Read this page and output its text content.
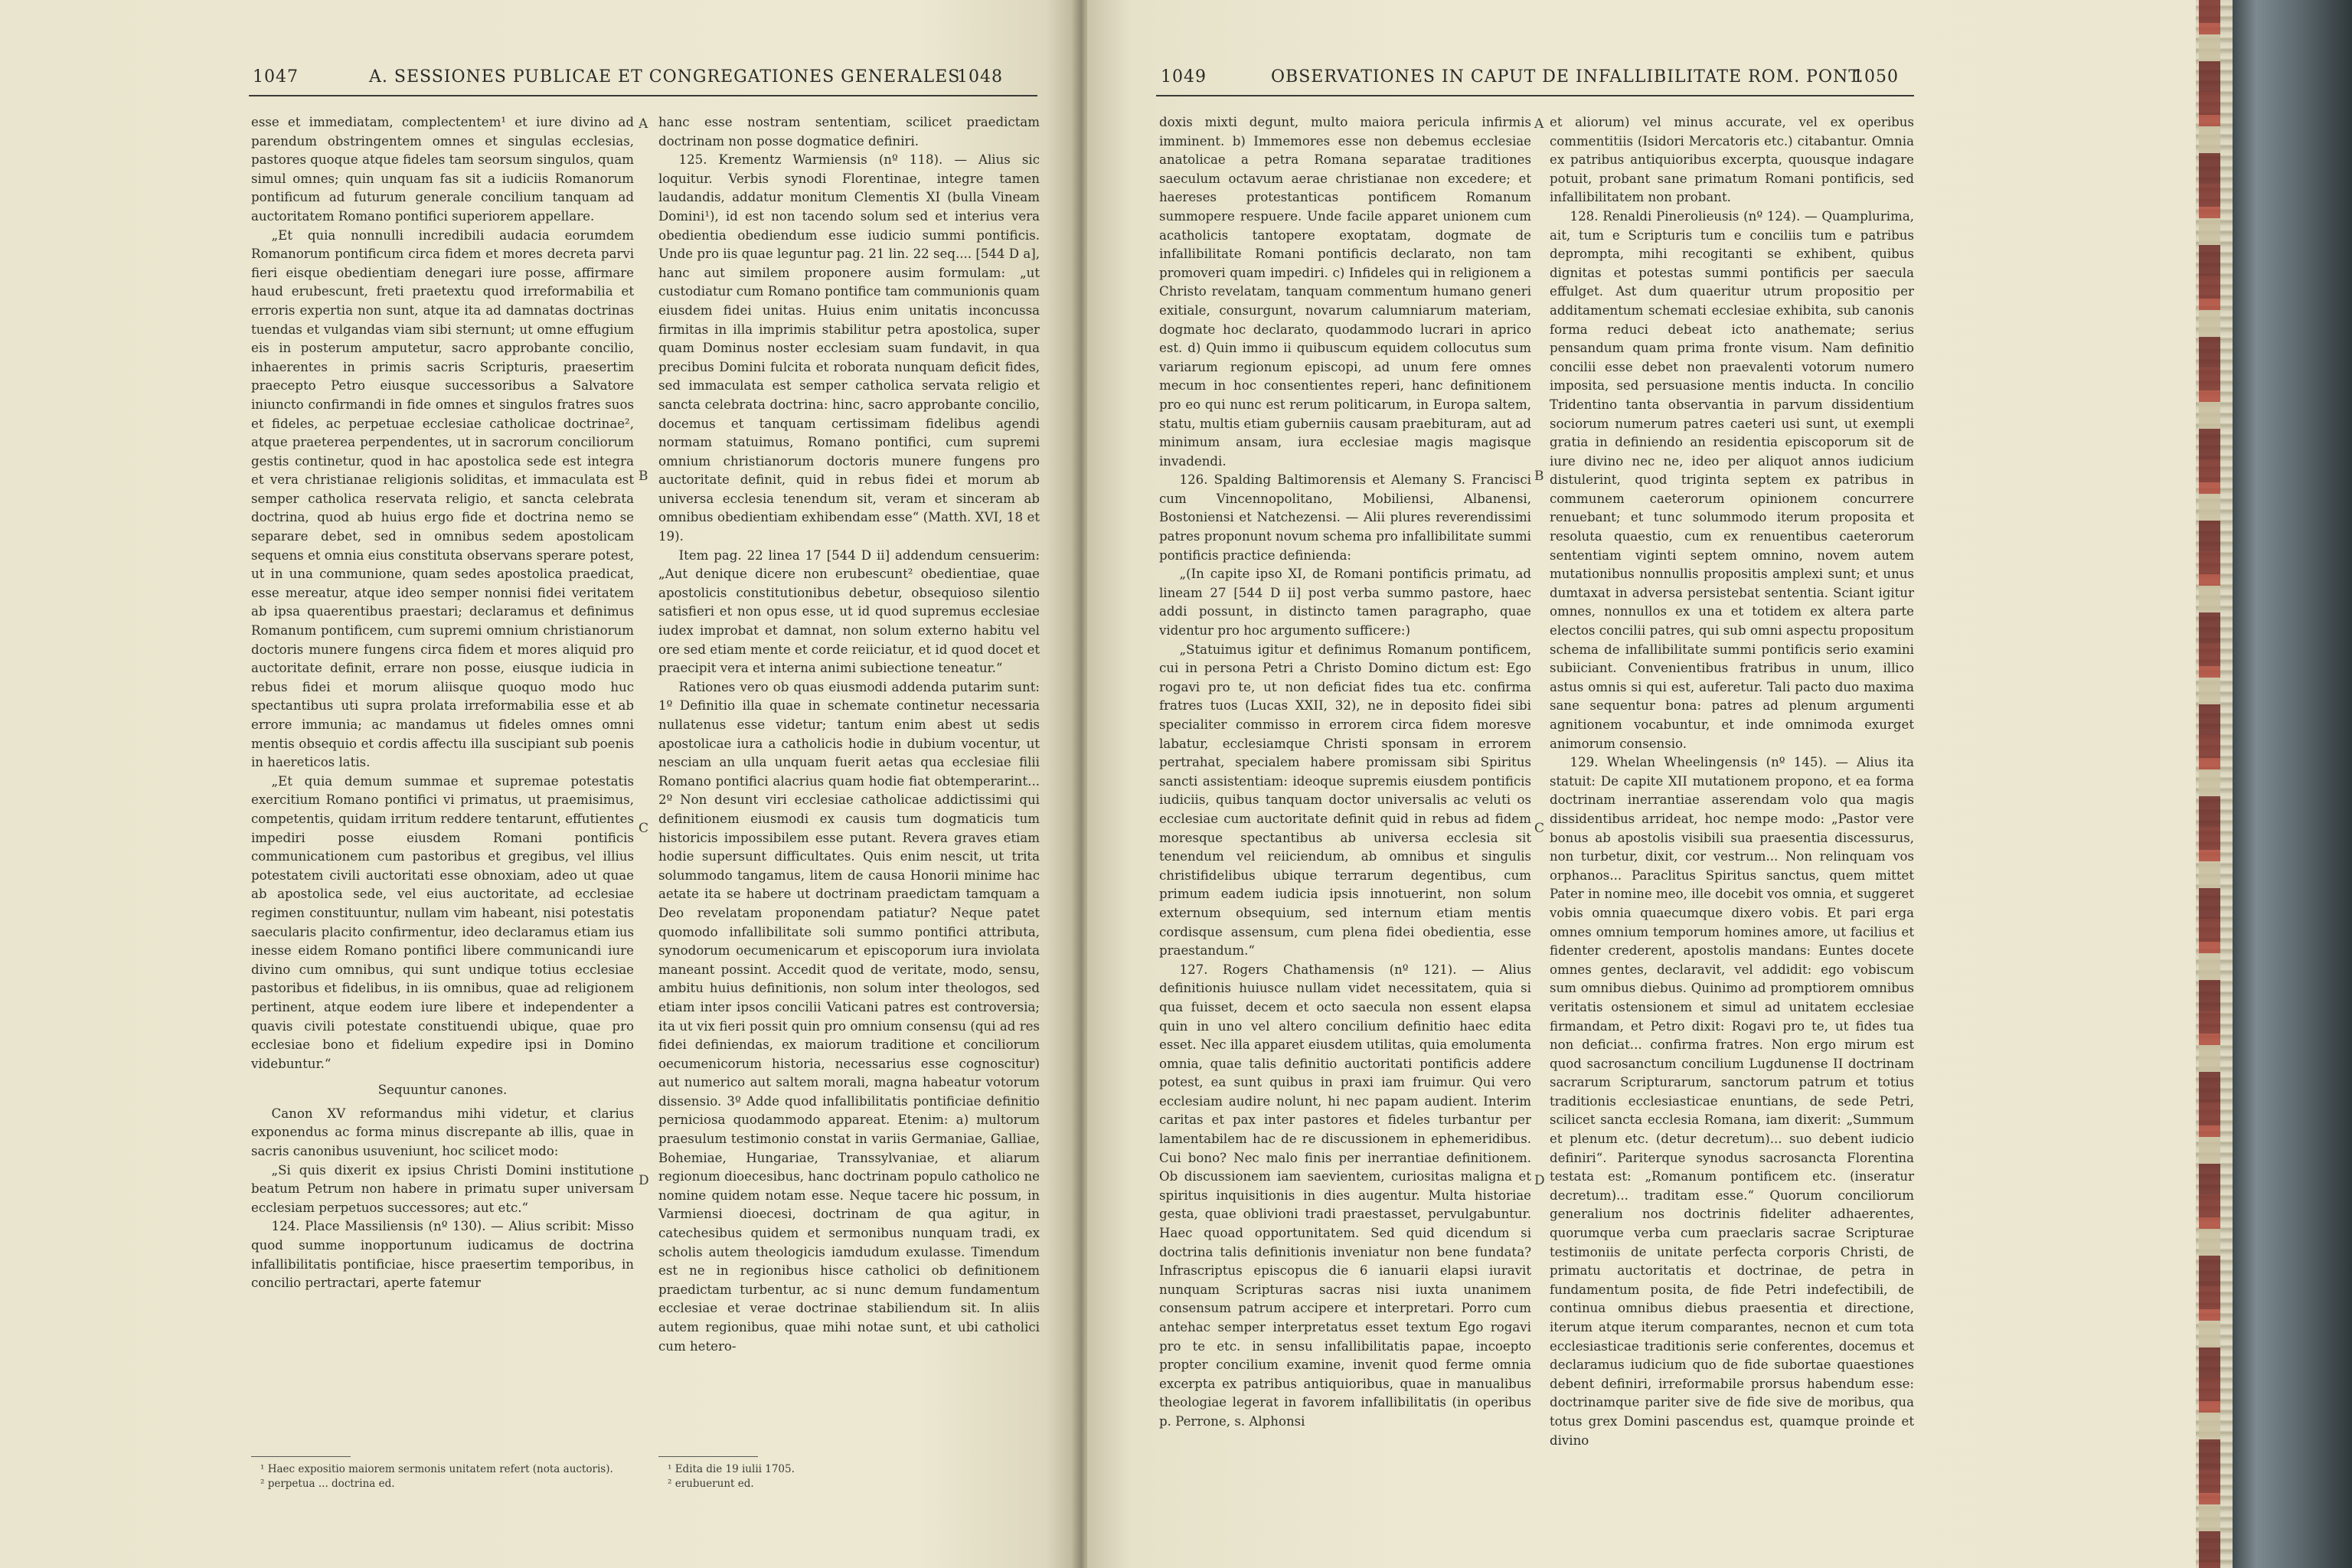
1047	A. SESSIONES PUBLICAE ET CONGREGATIONES GENERALES
1048

esse et immediatam, complectentem¹ et iure divino ad parendum obstringentem omnes et singulas ecclesias, pastores quoque atque fideles tam seorsum singulos, quam simul omnes; quin unquam fas sit a iudiciis Romanorum pontificum ad futurum generale concilium tanquam ad auctoritatem Romano pontifici superiorem appellare.

„Et quia nonnulli incredibili audacia eorumdem Romanorum pontificum circa fidem et mores decreta parvi fieri eisque obedientiam denegari iure posse, affirmare haud erubescunt, freti praetextu quod irreformabilia et erroris expertia non sunt, atque ita ad damnatas doctrinas tuendas et vulgandas viam sibi sternunt; ut omne effugium eis in posterum amputetur, sacro approbante concilio, inhaerentes in primis sacris Scripturis, praesertim praecepto Petro eiusque successoribus a Salvatore iniuncto confirmandi in fide omnes et singulos fratres suos et fideles, ac perpetuae ecclesiae catholicae doctrinae², atque praeterea perpendentes, ut in sacrorum conciliorum gestis continetur, quod in hac apostolica sede est integra et vera christianae religionis soliditas, et immaculata est semper catholica reservata religio, et sancta celebrata doctrina, quod ab huius ergo fide et doctrina nemo se separare debet, sed in omnibus sedem apostolicam sequens et omnia eius constituta observans sperare potest, ut in una communione, quam sedes apostolica praedicat, esse mereatur, atque ideo semper nonnisi fidei veritatem ab ipsa quaerentibus praestari; declaramus et definimus Romanum pontificem, cum supremi omnium christianorum doctoris munere fungens circa fidem et mores aliquid pro auctoritate definit, errare non posse, eiusque iudicia in rebus fidei et morum aliisque quoquo modo huc spectantibus uti supra prolata irreformabilia esse et ab errore immunia; ac mandamus ut fideles omnes omni mentis obsequio et cordis affectu illa suscipiant sub poenis in haereticos latis.

„Et quia demum summae et supremae potestatis exercitium Romano pontifici vi primatus, ut praemisimus, competentis, quidam irritum reddere tentarunt, effutientes impediri posse eiusdem Romani pontificis communicationem cum pastoribus et gregibus, vel illius potestatem civili auctoritati esse obnoxiam, adeo ut quae ab apostolica sede, vel eius auctoritate, ad ecclesiae regimen constituuntur, nullam vim habeant, nisi potestatis saecularis placito confirmentur, ideo declaramus etiam ius inesse eidem Romano pontifici libere communicandi iure divino cum omnibus, qui sunt undique totius ecclesiae pastoribus et fidelibus, in iis omnibus, quae ad religionem pertinent, atque eodem iure libere et independenter a quavis civili potestate constituendi ubique, quae pro ecclesiae bono et fidelium expedire ipsi in Domino videbuntur.“

Sequuntur canones.

Canon XV reformandus mihi videtur, et clarius exponendus ac forma minus discrepante ab illis, quae in sacris canonibus usuveniunt, hoc scilicet modo:

„Si quis dixerit ex ipsius Christi Domini institutione beatum Petrum non habere in primatu super universam ecclesiam perpetuos successores; aut etc.“

124. Place Massiliensis (nº 130). — Alius scribit: Misso quod summe inopportunum iudicamus de doctrina infallibilitatis pontificiae, hisce praesertim temporibus, in concilio pertractari, aperte fatemur

hanc esse nostram sententiam, scilicet praedictam doctrinam non posse dogmatice definiri.

125. Krementz Warmiensis (nº 118). — Alius sic loquitur. Verbis synodi Florentinae, integre tamen laudandis, addatur monitum Clementis XI (bulla Vineam Domini¹), id est non tacendo solum sed et interius vera obedientia obediendum esse iudicio summi pontificis. Unde pro iis quae leguntur pag. 21 lin. 22 seq.... [544 D a], hanc aut similem proponere ausim formulam: „ut custodiatur cum Romano pontifice tam communionis quam eiusdem fidei unitas. Huius enim unitatis inconcussa firmitas in illa imprimis stabilitur petra apostolica, super quam Dominus noster ecclesiam suam fundavit, in qua precibus Domini fulcita et roborata nunquam deficit fides, sed immaculata est semper catholica servata religio et sancta celebrata doctrina: hinc, sacro approbante concilio, docemus et tanquam certissimam fidelibus agendi normam statuimus, Romano pontifici, cum supremi omnium christianorum doctoris munere fungens pro auctoritate definit, quid in rebus fidei et morum ab universa ecclesia tenendum sit, veram et sinceram ab omnibus obedientiam exhibendam esse“ (Matth. XVI, 18 et 19).

Item pag. 22 linea 17 [544 D ii] addendum censuerim: „Aut denique dicere non erubescunt² obedientiae, quae apostolicis constitutionibus debetur, obsequioso silentio satisfieri et non opus esse, ut id quod supremus ecclesiae iudex improbat et damnat, non solum externo habitu vel ore sed etiam mente et corde reiiciatur, et id quod docet et praecipit vera et interna animi subiectione teneatur.“

Rationes vero ob quas eiusmodi addenda putarim sunt: 1º Definitio illa quae in schemate continetur necessaria nullatenus esse videtur; tantum enim abest ut sedis apostolicae iura a catholicis hodie in dubium vocentur, ut nesciam an ulla unquam fuerit aetas qua ecclesiae filii Romano pontifici alacrius quam hodie fiat obtemperarint... 2º Non desunt viri ecclesiae catholicae addictissimi qui definitionem eiusmodi ex causis tum dogmaticis tum historicis impossibilem esse putant. Revera graves etiam hodie supersunt difficultates. Quis enim nescit, ut trita solummodo tangamus, litem de causa Honorii minime hac aetate ita se habere ut doctrinam praedictam tamquam a Deo revelatam proponendam patiatur? Neque patet quomodo infallibilitate soli summo pontifici attributa, synodorum oecumenicarum et episcoporum iura inviolata maneant possint. Accedit quod de veritate, modo, sensu, ambitu huius definitionis, non solum inter theologos, sed etiam inter ipsos concilii Vaticani patres est controversia; ita ut vix fieri possit quin pro omnium consensu (qui ad res fidei definiendas, ex maiorum traditione et conciliorum oecumenicorum historia, necessarius esse cognoscitur) aut numerico aut saltem morali, magna habeatur votorum dissensio. 3º Adde quod infallibilitatis pontificiae definitio perniciosa quodammodo appareat. Etenim: a) multorum praesulum testimonio constat in variis Germaniae, Galliae, Bohemiae, Hungariae, Transsylvaniae, et aliarum regionum dioecesibus, hanc doctrinam populo catholico ne nomine quidem notam esse. Neque tacere hic possum, in Varmiensi dioecesi, doctrinam de qua agitur, in catechesibus quidem et sermonibus nunquam tradi, ex scholis autem theologicis iamdudum exulasse. Timendum est ne in regionibus hisce catholici ob definitionem praedictam turbentur, ac si nunc demum fundamentum ecclesiae et verae doctrinae stabiliendum sit. In aliis autem regionibus, quae mihi notae sunt, et ubi catholici cum hetero-

A
B
C
D
¹ Haec expositio maiorem sermonis unitatem refert (nota auctoris).
² perpetua ... doctrina ed.
¹ Edita die 19 iulii 1705.
² erubuerunt ed.
1049	OBSERVATIONES IN CAPUT DE INFALLIBILITATE ROM. PONT.
1050

doxis mixti degunt, multo maiora pericula infirmis imminent. b) Immemores esse non debemus ecclesiae anatolicae a petra Romana separatae traditiones saeculum octavum aerae christianae non excedere; et haereses protestanticas pontificem Romanum summopere respuere. Unde facile apparet unionem cum acatholicis tantopere exoptatam, dogmate de infallibilitate Romani pontificis declarato, non tam promoveri quam impediri. c) Infideles qui in religionem a Christo revelatam, tanquam commentum humano generi exitiale, consurgunt, novarum calumniarum materiam, dogmate hoc declarato, quodammodo lucrari in aprico est. d) Quin immo ii quibuscum equidem collocutus sum variarum regionum episcopi, ad unum fere omnes mecum in hoc consentientes reperi, hanc definitionem pro eo qui nunc est rerum politicarum, in Europa saltem, statu, multis etiam guberniis causam praebituram, aut ad minimum ansam, iura ecclesiae magis magisque invadendi.

126. Spalding Baltimorensis et Alemany S. Francisci cum Vincennopolitano, Mobiliensi, Albanensi, Bostoniensi et Natchezensi. — Alii plures reverendissimi patres proponunt novum schema pro infallibilitate summi pontificis practice definienda:

„(In capite ipso XI, de Romani pontificis primatu, ad lineam 27 [544 D ii] post verba summo pastore, haec addi possunt, in distincto tamen paragrapho, quae videntur pro hoc argumento sufficere:)

„Statuimus igitur et definimus Romanum pontificem, cui in persona Petri a Christo Domino dictum est: Ego rogavi pro te, ut non deficiat fides tua etc. confirma fratres tuos (Lucas XXII, 32), ne in deposito fidei sibi specialiter commisso in errorem circa fidem moresve labatur, ecclesiamque Christi sponsam in errorem pertrahat, specialem habere promissam sibi Spiritus sancti assistentiam: ideoque supremis eiusdem pontificis iudiciis, quibus tanquam doctor universalis ac veluti os ecclesiae cum auctoritate definit quid in rebus ad fidem moresque spectantibus ab universa ecclesia sit tenendum vel reiiciendum, ab omnibus et singulis christifidelibus ubique terrarum degentibus, cum primum eadem iudicia ipsis innotuerint, non solum externum obsequium, sed internum etiam mentis cordisque assensum, cum plena fidei obedientia, esse praestandum.“

127. Rogers Chathamensis (nº 121). — Alius definitionis huiusce nullam videt necessitatem, quia si qua fuisset, decem et octo saecula non essent elapsa quin in uno vel altero concilium definitio haec edita esset. Nec illa apparet eiusdem utilitas, quia emolumenta omnia, quae talis definitio auctoritati pontificis addere potest, ea sunt quibus in praxi iam fruimur. Qui vero ecclesiam audire nolunt, hi nec papam audient. Interim caritas et pax inter pastores et fideles turbantur per lamentabilem hac de re discussionem in ephemeridibus. Cui bono? Nec malo finis per inerrantiae definitionem. Ob discussionem iam saevientem, curiositas maligna et spiritus inquisitionis in dies augentur. Multa historiae gesta, quae oblivioni tradi praestasset, pervulgabuntur. Haec quoad opportunitatem. Sed quid dicendum si doctrina talis definitionis inveniatur non bene fundata? Infrascriptus episcopus die 6 ianuarii elapsi iuravit nunquam Scripturas sacras nisi iuxta unanimem consensum patrum accipere et interpretari. Porro cum antehac semper interpretatus esset textum Ego rogavi pro te etc. in sensu infallibilitatis papae, incoepto propter concilium examine, invenit quod ferme omnia excerpta ex patribus antiquioribus, quae in manualibus theologiae legerat in favorem infallibilitatis (in operibus p. Perrone, s. Alphonsi

et aliorum) vel minus accurate, vel ex operibus commentitiis (Isidori Mercatoris etc.) citabantur. Omnia ex patribus antiquioribus excerpta, quousque indagare potuit, probant sane primatum Romani pontificis, sed infallibilitatem non probant.

128. Renaldi Pinerolieusis (nº 124). — Quamplurima, ait, tum e Scripturis tum e conciliis tum e patribus deprompta, mihi recogitanti se exhibent, quibus dignitas et potestas summi pontificis per saecula effulget. Ast dum quaeritur utrum propositio per additamentum schemati ecclesiae exhibita, sub canonis forma reduci debeat icto anathemate; serius pensandum quam prima fronte visum. Nam definitio concilii esse debet non praevalenti votorum numero imposita, sed persuasione mentis inducta. In concilio Tridentino tanta observantia in parvum dissidentium sociorum numerum patres caeteri usi sunt, ut exempli gratia in definiendo an residentia episcoporum sit de iure divino nec ne, ideo per aliquot annos iudicium distulerint, quod triginta septem ex patribus in communem caeterorum opinionem concurrere renuebant; et tunc solummodo iterum proposita et resoluta quaestio, cum ex renuentibus caeterorum sententiam viginti septem omnino, novem autem mutationibus nonnullis propositis amplexi sunt; et unus dumtaxat in adversa persistebat sententia. Sciant igitur omnes, nonnullos ex una et totidem ex altera parte electos concilii patres, qui sub omni aspectu propositum schema de infallibilitate summi pontificis serio examini subiiciant. Convenientibus fratribus in unum, illico astus omnis si qui est, auferetur. Tali pacto duo maxima sane sequentur bona: patres ad plenum argumenti agnitionem vocabuntur, et inde omnimoda exurget animorum consensio.

129. Whelan Wheelingensis (nº 145). — Alius ita statuit: De capite XII mutationem propono, et ea forma doctrinam inerrantiae asserendam volo qua magis dissidentibus arrideat, hoc nempe modo: „Pastor vere bonus ab apostolis visibili sua praesentia discessurus, non turbetur, dixit, cor vestrum... Non relinquam vos orphanos... Paraclitus Spiritus sanctus, quem mittet Pater in nomine meo, ille docebit vos omnia, et suggeret vobis omnia quaecumque dixero vobis. Et pari erga omnes omnium temporum homines amore, ut facilius et fidenter crederent, apostolis mandans: Euntes docete omnes gentes, declaravit, vel addidit: ego vobiscum sum omnibus diebus. Quinimo ad promptiorem omnibus veritatis ostensionem et simul ad unitatem ecclesiae firmandam, et Petro dixit: Rogavi pro te, ut fides tua non deficiat... confirma fratres. Non ergo mirum est quod sacrosanctum concilium Lugdunense II doctrinam sacrarum Scripturarum, sanctorum patrum et totius traditionis ecclesiasticae enuntians, de sede Petri, scilicet sancta ecclesia Romana, iam dixerit: „Summum et plenum etc. (detur decretum)... suo debent iudicio definiri“. Pariterque synodus sacrosancta Florentina testata est: „Romanum pontificem etc. (inseratur decretum)... traditam esse.“ Quorum conciliorum generalium nos doctrinis fideliter adhaerentes, quorumque verba cum praeclaris sacrae Scripturae testimoniis de unitate perfecta corporis Christi, de primatu auctoritatis et doctrinae, de petra in fundamentum posita, de fide Petri indefectibili, de continua omnibus diebus praesentia et directione, iterum atque iterum comparantes, necnon et cum tota ecclesiasticae traditionis serie conferentes, docemus et declaramus iudicium quo de fide subortae quaestiones debent definiri, irreformabile prorsus habendum esse: doctrinamque pariter sive de fide sive de moribus, qua totus grex Domini pascendus est, quamque proinde et divino

A
B
C
D
